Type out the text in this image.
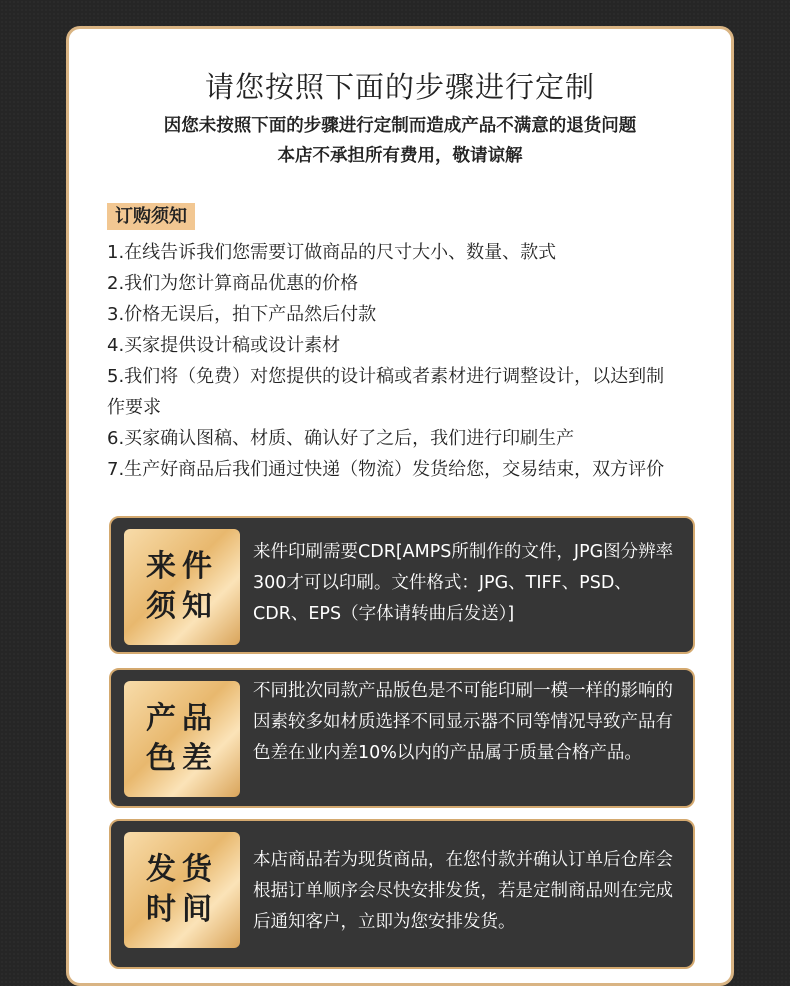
请您按照下面的步骤进行定制
因您未按照下面的步骤进行定制而造成产品不满意的退货问题
本店不承担所有费用，敬请谅解
订购须知
1.在线告诉我们您需要订做商品的尺寸大小、数量、款式
2.我们为您计算商品优惠的价格
3.价格无误后，拍下产品然后付款
4.买家提供设计稿或设计素材
5.我们将（免费）对您提供的设计稿或者素材进行调整设计，以达到制
作要求
6.买家确认图稿、材质、确认好了之后，我们进行印刷生产
7.生产好商品后我们通过快递（物流）发货给您，交易结束，双方评价
来件须知
来件印刷需要CDR[AMPS所制作的文件，JPG图分辨率300才可以印刷。文件格式：JPG、TIFF、PSD、CDR、EPS（字体请转曲后发送）]
产品色差
不同批次同款产品版色是不可能印刷一模一样的影响的因素较多如材质选择不同显示器不同等情况导致产品有色差在业内差10%以内的产品属于质量合格产品。
发货时间
本店商品若为现货商品，在您付款并确认订单后仓库会根据订单顺序会尽快安排发货，若是定制商品则在完成后通知客户，立即为您安排发货。
